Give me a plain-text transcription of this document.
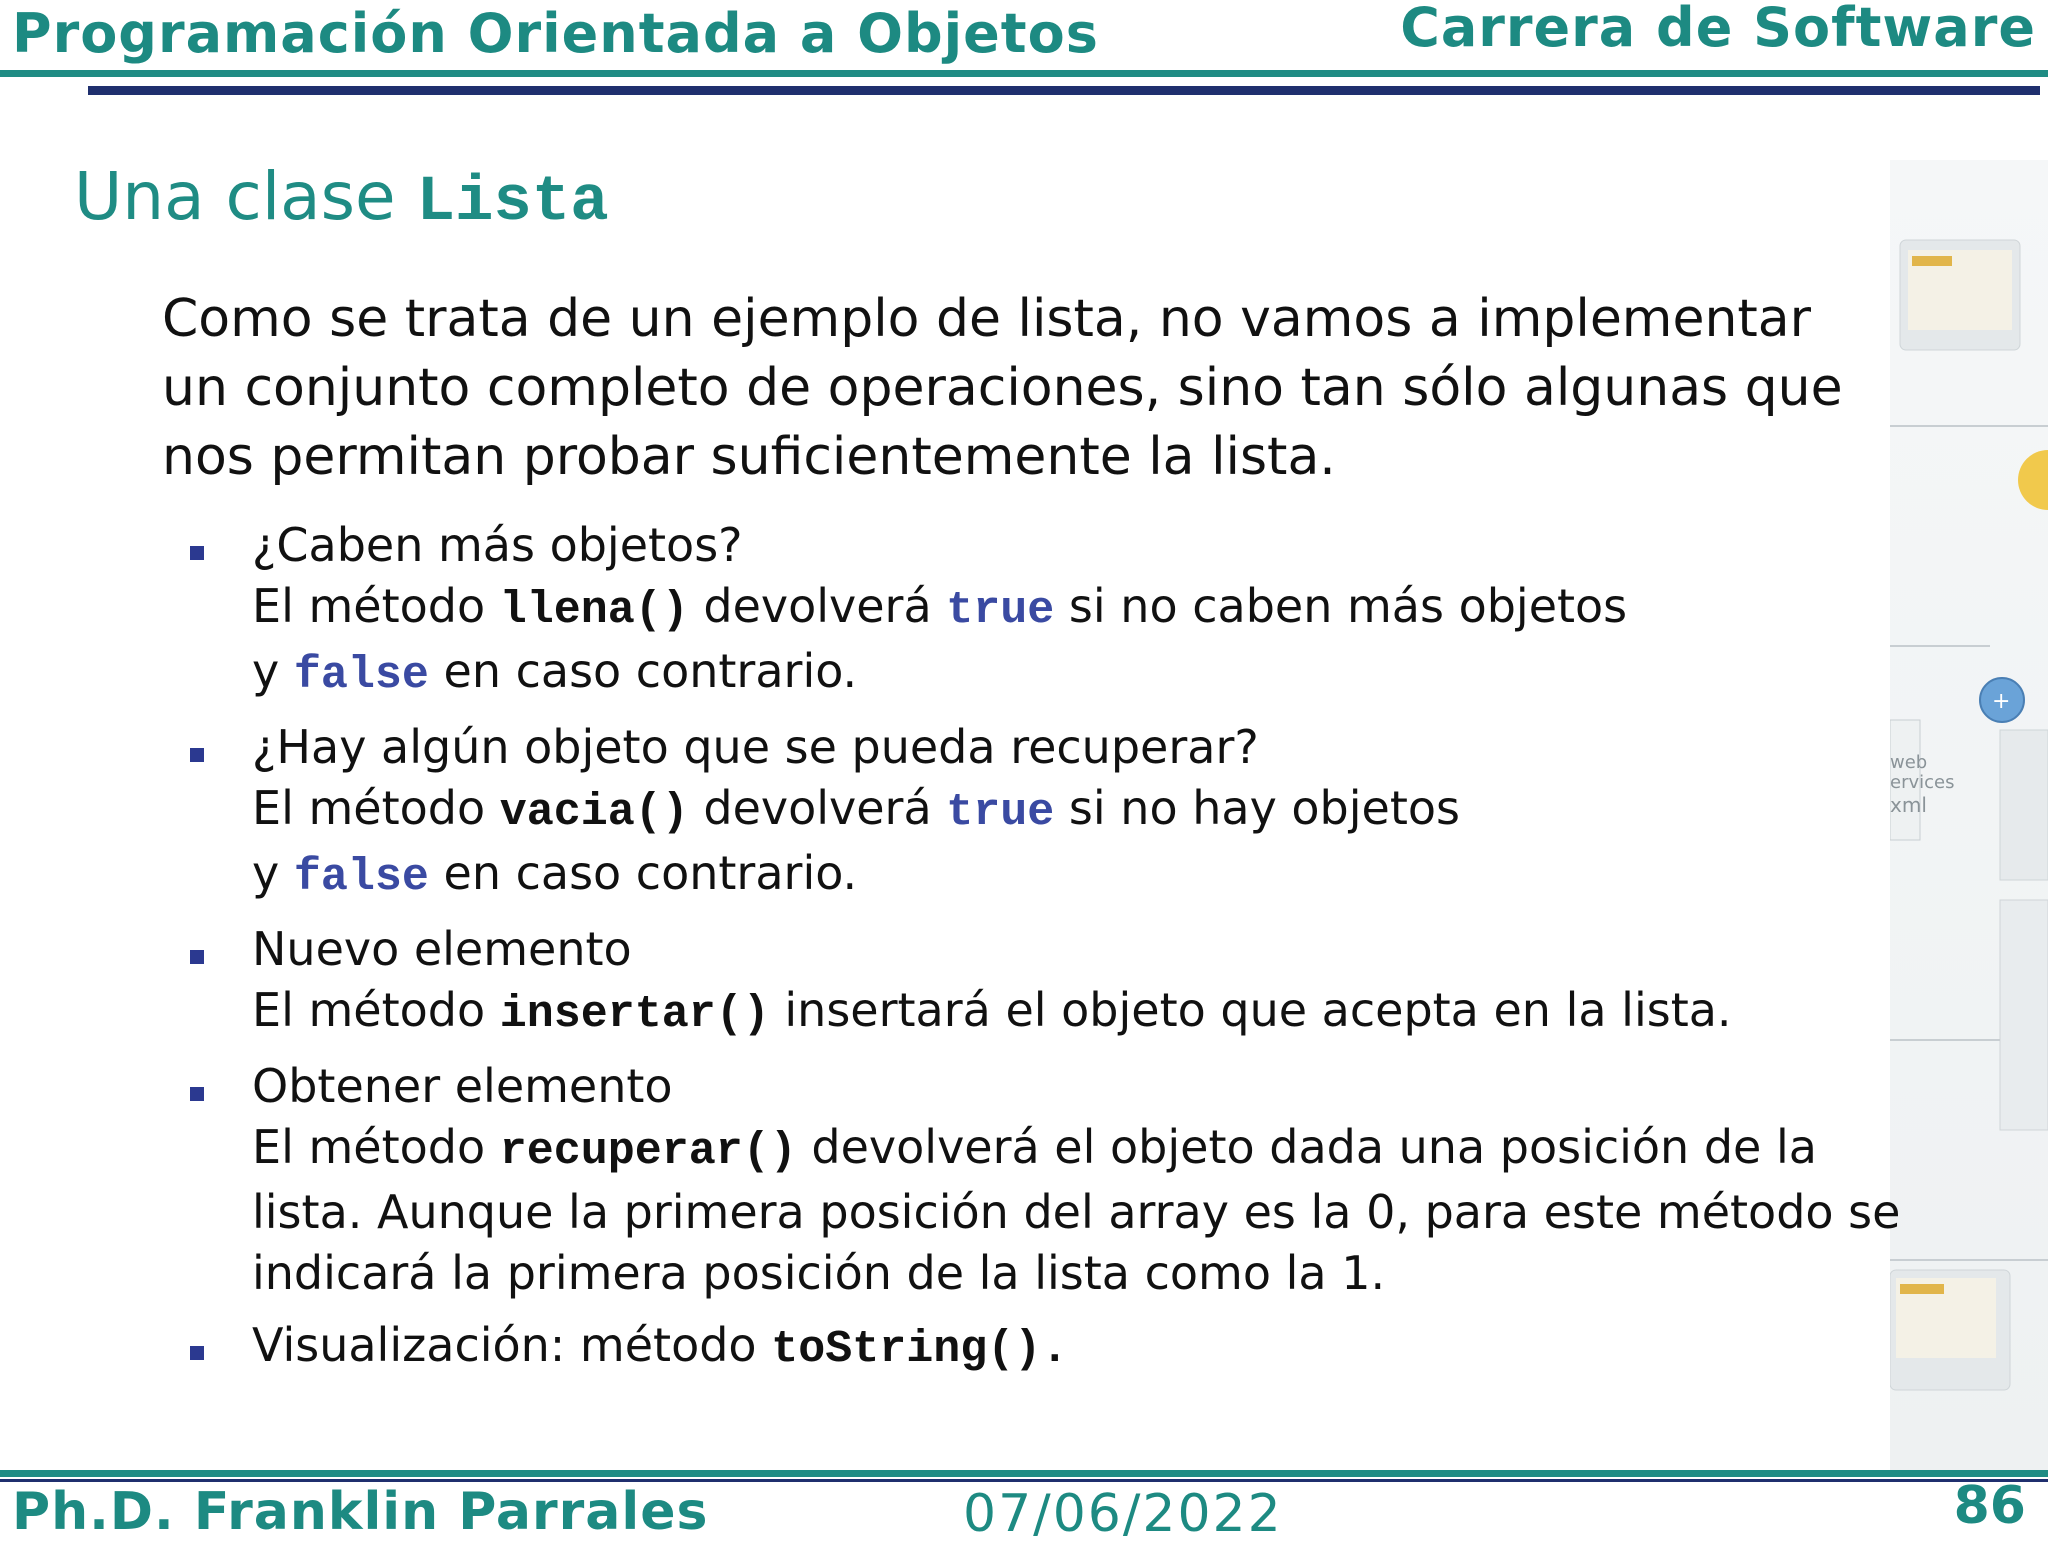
Programación Orientada a Objetos	Carrera de Software
+
web
ervices
xml
Una clase Lista
Como se trata de un ejemplo de lista, no vamos a implementar un conjunto completo de operaciones, sino tan sólo algunas que nos permitan probar suficientemente la lista.
¿Caben más objetos?
El método llena() devolverá true si no caben más objetos
y false en caso contrario.
¿Hay algún objeto que se pueda recuperar?
El método vacia() devolverá true si no hay objetos
y false en caso contrario.
Nuevo elemento
El método insertar() insertará el objeto que acepta en la lista.
Obtener elemento
El método recuperar() devolverá el objeto dada una posición de la lista. Aunque la primera posición del array es la 0, para este método se indicará la primera posición de la lista como la 1.
Visualización: método toString().
Ph.D. Franklin Parrales	07/06/2022	86
